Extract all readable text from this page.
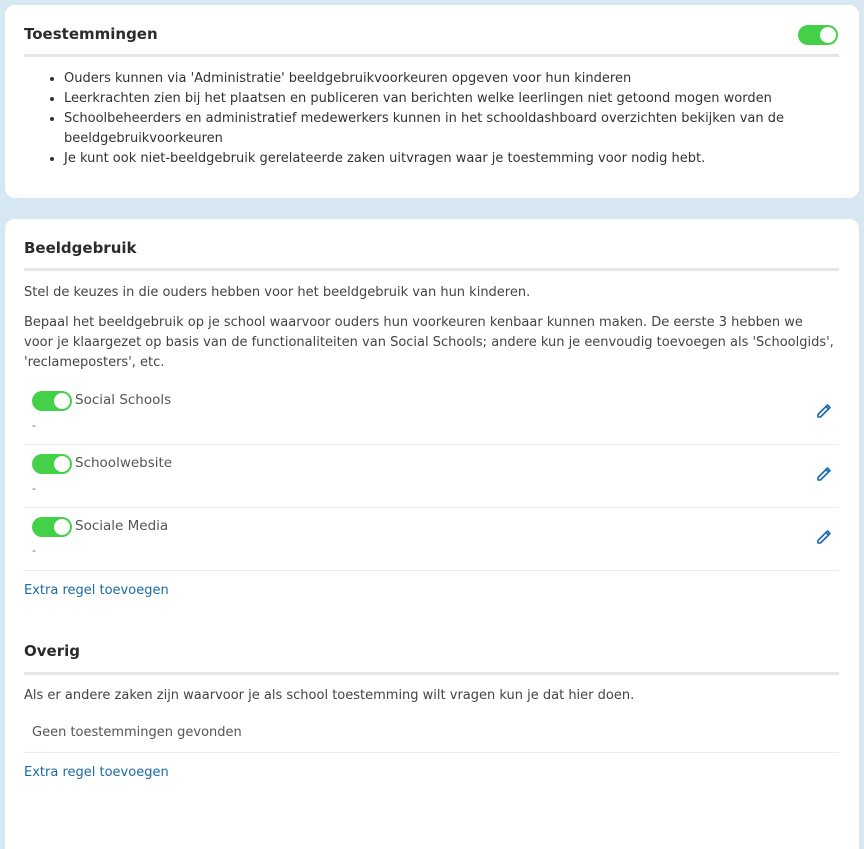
Toestemmingen
• Ouders kunnen via 'Administratie' beeldgebruikvoorkeuren opgeven voor hun kinderen
• Leerkrachten zien bij het plaatsen en publiceren van berichten welke leerlingen niet getoond mogen worden
• Schoolbeheerders en administratief medewerkers kunnen in het schooldashboard overzichten bekijken van de beeldgebruikvoorkeuren
• Je kunt ook niet-beeldgebruik gerelateerde zaken uitvragen waar je toestemming voor nodig hebt.
Beeldgebruik
Stel de keuzes in die ouders hebben voor het beeldgebruik van hun kinderen.
Bepaal het beeldgebruik op je school waarvoor ouders hun voorkeuren kenbaar kunnen maken. De eerste 3 hebben we voor je klaargezet op basis van de functionaliteiten van Social Schools; andere kun je eenvoudig toevoegen als 'Schoolgids', 'reclameposters', etc.
Social Schools
-
Schoolwebsite
-
Sociale Media
-
Extra regel toevoegen
Overig
Als er andere zaken zijn waarvoor je als school toestemming wilt vragen kun je dat hier doen.
Geen toestemmingen gevonden
Extra regel toevoegen
